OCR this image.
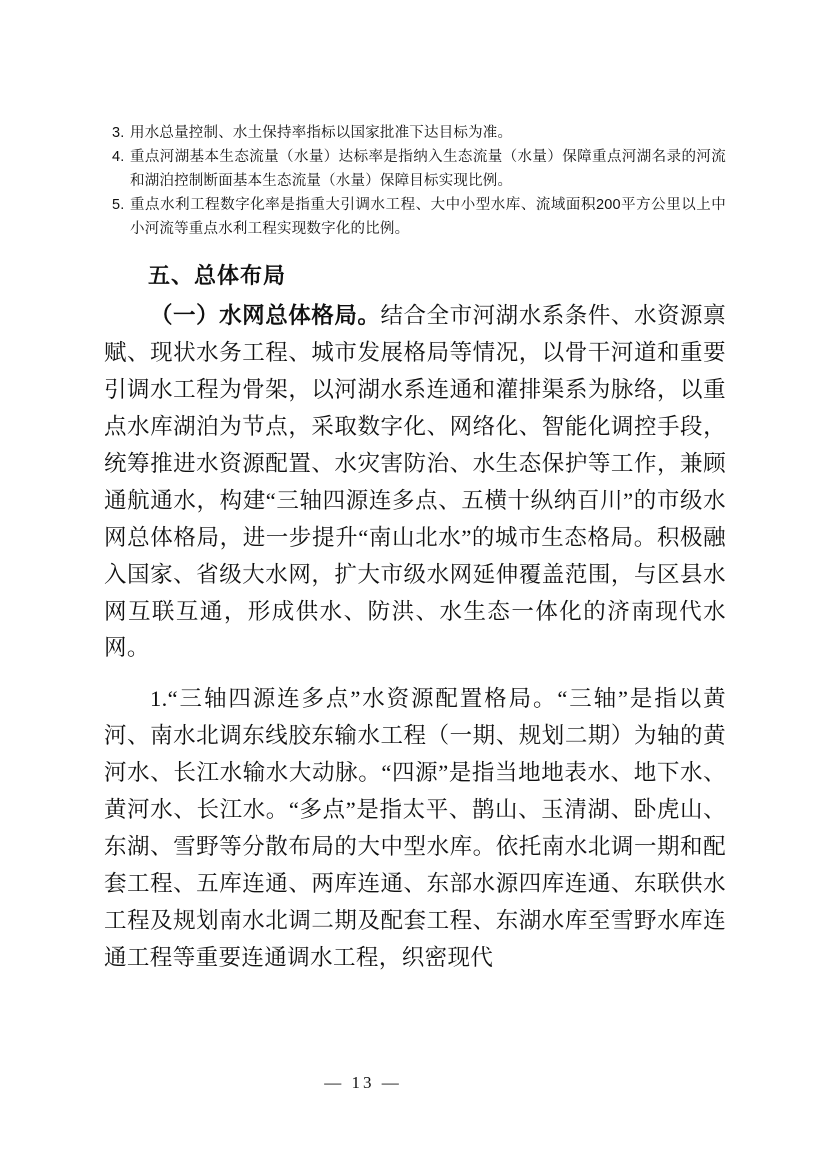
3. 用水总量控制、水土保持率指标以国家批准下达目标为准。
4. 重点河湖基本生态流量（水量）达标率是指纳入生态流量（水量）保障重点河湖名录的河流和湖泊控制断面基本生态流量（水量）保障目标实现比例。
5. 重点水利工程数字化率是指重大引调水工程、大中小型水库、流域面积200平方公里以上中小河流等重点水利工程实现数字化的比例。
五、总体布局

（一）水网总体格局。结合全市河湖水系条件、水资源禀赋、现状水务工程、城市发展格局等情况，以骨干河道和重要引调水工程为骨架，以河湖水系连通和灌排渠系为脉络，以重点水库湖泊为节点，采取数字化、网络化、智能化调控手段，统筹推进水资源配置、水灾害防治、水生态保护等工作，兼顾通航通水，构建“三轴四源连多点、五横十纵纳百川”的市级水网总体格局，进一步提升“南山北水”的城市生态格局。积极融入国家、省级大水网，扩大市级水网延伸覆盖范围，与区县水网互联互通，形成供水、防洪、水生态一体化的济南现代水网。

1.“三轴四源连多点”水资源配置格局。“三轴”是指以黄河、南水北调东线胶东输水工程（一期、规划二期）为轴的黄河水、长江水输水大动脉。“四源”是指当地地表水、地下水、黄河水、长江水。“多点”是指太平、鹊山、玉清湖、卧虎山、东湖、雪野等分散布局的大中型水库。依托南水北调一期和配套工程、五库连通、两库连通、东部水源四库连通、东联供水工程及规划南水北调二期及配套工程、东湖水库至雪野水库连通工程等重要连通调水工程，织密现代

— 13 —
